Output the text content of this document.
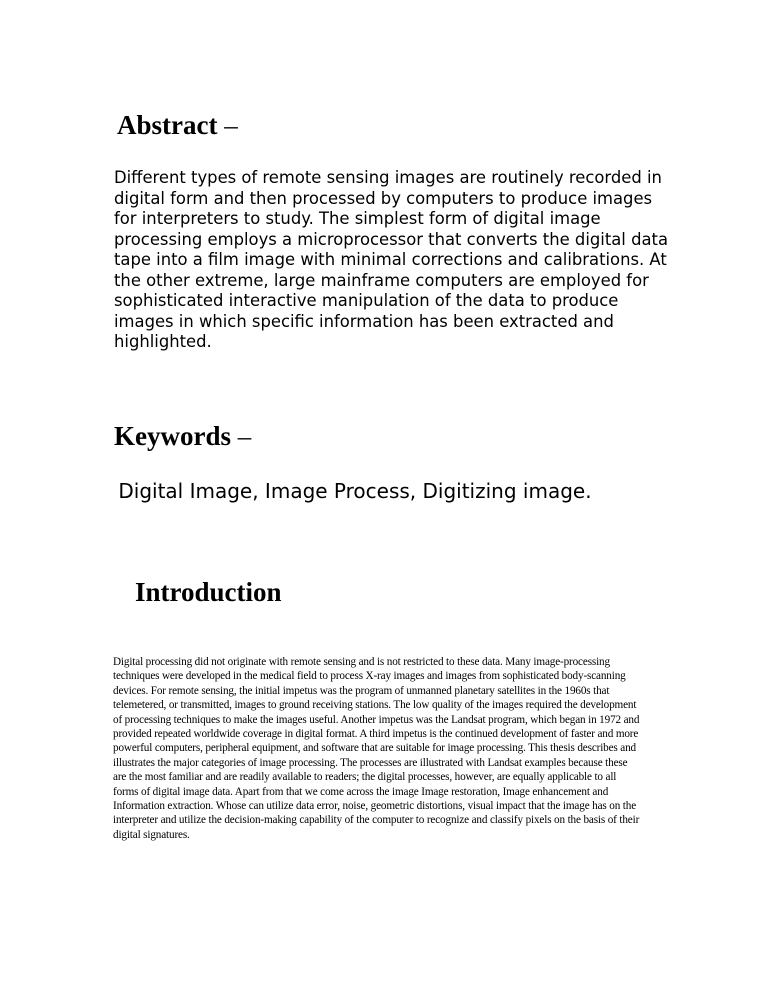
Abstract –

Different types of remote sensing images are routinely recorded in digital form and then processed by computers to produce images for interpreters to study. The simplest form of digital image processing employs a microprocessor that converts the digital data tape into a film image with minimal corrections and calibrations. At the other extreme, large mainframe computers are employed for sophisticated interactive manipulation of the data to produce images in which specific information has been extracted and highlighted.

Keywords –

Digital Image, Image Process, Digitizing image.

Introduction

Digital processing did not originate with remote sensing and is not restricted to these data. Many image-processing techniques were developed in the medical field to process X-ray images and images from sophisticated body-scanning devices. For remote sensing, the initial impetus was the program of unmanned planetary satellites in the 1960s that telemetered, or transmitted, images to ground receiving stations. The low quality of the images required the development of processing techniques to make the images useful. Another impetus was the Landsat program, which began in 1972 and provided repeated worldwide coverage in digital format. A third impetus is the continued development of faster and more powerful computers, peripheral equipment, and software that are suitable for image processing. This thesis describes and illustrates the major categories of image processing. The processes are illustrated with Landsat examples because these are the most familiar and are readily available to readers; the digital processes, however, are equally applicable to all forms of digital image data. Apart from that we come across the image Image restoration, Image enhancement and Information extraction. Whose can utilize data error, noise, geometric distortions, visual impact that the image has on the interpreter and utilize the decision-making capability of the computer to recognize and classify pixels on the basis of their digital signatures.
